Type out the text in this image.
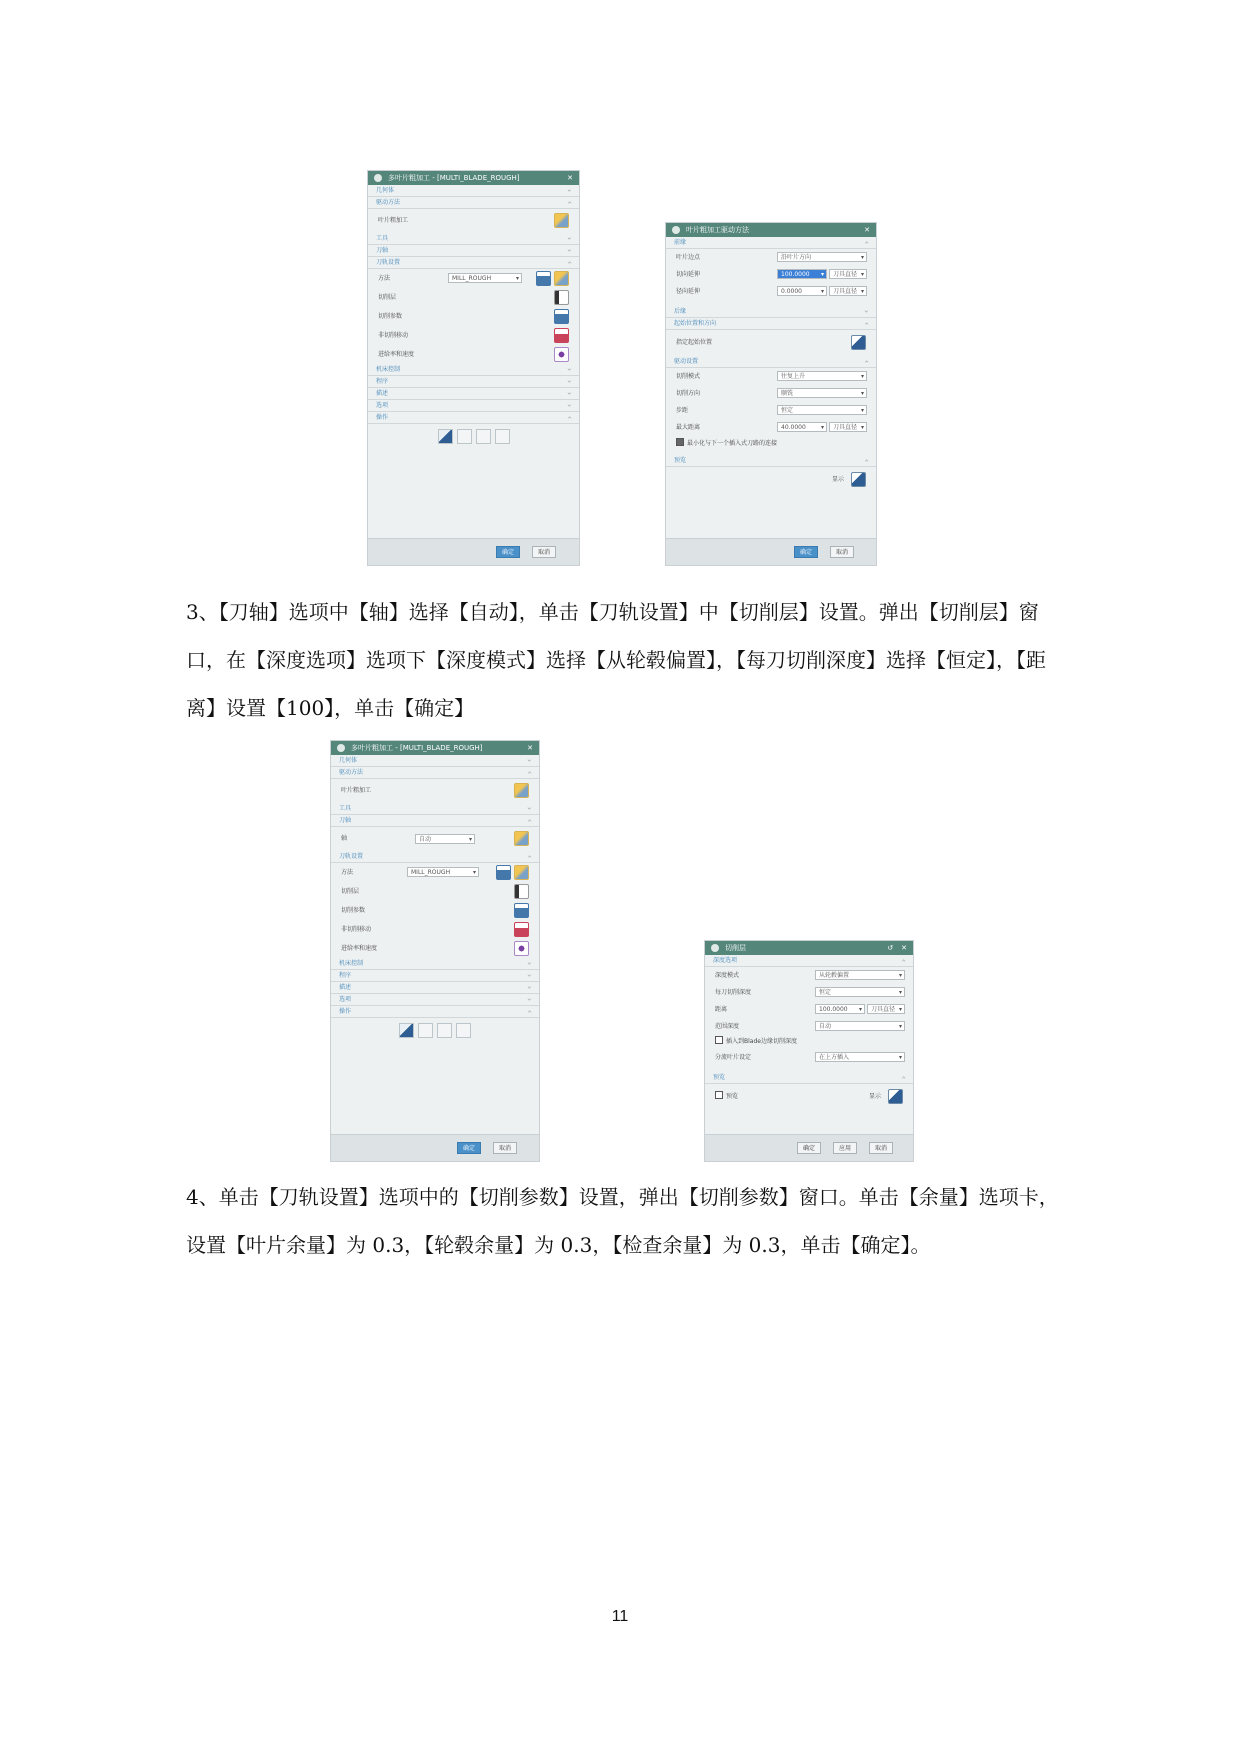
多叶片粗加工 - [MULTI_BLADE_ROUGH]	✕
几何体 ›
驱动方法 ›
叶片粗加工
工具 ›
刀轴 ›
刀轨设置 ›
方法	MILL_ROUGH ▾
切削层
切削参数
非切削移动
进给率和速度
机床控制 ›
程序 ›
描述 ›
选项 ›
操作 ›
确定	取消
叶片粗加工驱动方法	✕
前缘 ›
叶片边点	沿叶片方向 ▾
切向延伸	100.0000 ▾	刀具直径 ▾
径向延伸	0.0000 ▾	刀具直径 ▾
后缘 ›
起始位置和方向 ›
指定起始位置
驱动设置 ›
切削模式	往复上升 ▾
切削方向	顺铣 ▾
步距	恒定 ▾
最大距离	40.0000 ▾	刀具直径 ▾
最小化与下一个插入式刀路的连接
预览 ›
显示
确定	取消

3、【刀轴】选项中【轴】选择【自动】，单击【刀轨设置】中【切削层】设置。弹出【切削层】窗口，在【深度选项】选项下【深度模式】选择【从轮毂偏置】，【每刀切削深度】选择【恒定】，【距离】设置【100】，单击【确定】

多叶片粗加工 - [MULTI_BLADE_ROUGH]	✕
几何体 ›
驱动方法 ›
叶片粗加工
工具 ›
刀轴 ›
轴	自动 ▾
刀轨设置 ›
方法	MILL_ROUGH ▾
切削层
切削参数
非切削移动
进给率和速度
机床控制 ›
程序 ›
描述 ›
选项 ›
操作 ›
确定	取消
切削层	↺ ✕
深度选项 ›
深度模式	从轮毂偏置 ▾
每刀切削深度	恒定 ▾
距离	100.0000 ▾	刀具直径 ▾
范围深度	自动 ▾
插入到Blade边缘切削深度
分流叶片设定	在上方插入 ▾
预览 ›
预览	显示
确定	应用	取消

4、单击【刀轨设置】选项中的【切削参数】设置，弹出【切削参数】窗口。单击【余量】选项卡，设置【叶片余量】为 0.3，【轮毂余量】为 0.3，【检查余量】为 0.3，单击【确定】。

11
